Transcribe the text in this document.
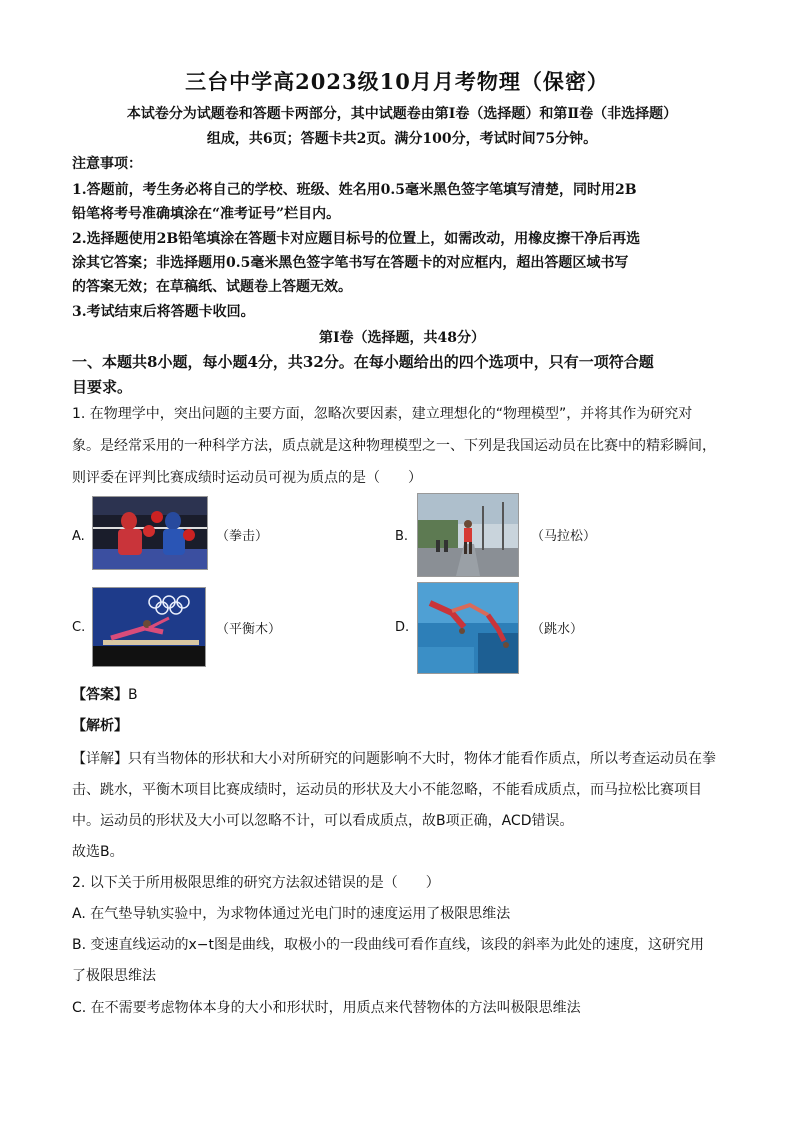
三台中学高2023级10月月考物理（保密）
本试卷分为试题卷和答题卡两部分，其中试题卷由第Ⅰ卷（选择题）和第Ⅱ卷（非选择题）
组成，共6页；答题卡共2页。满分100分，考试时间75分钟。
注意事项：
1.答题前，考生务必将自己的学校、班级、姓名用0.5毫米黑色签字笔填写清楚，同时用2B
铅笔将考号准确填涂在“准考证号”栏目内。
2.选择题使用2B铅笔填涂在答题卡对应题目标号的位置上，如需改动，用橡皮擦干净后再选
涂其它答案；非选择题用0.5毫米黑色签字笔书写在答题卡的对应框内，超出答题区域书写
的答案无效；在草稿纸、试题卷上答题无效。
3.考试结束后将答题卡收回。
第Ⅰ卷（选择题，共48分）
一、本题共8小题，每小题4分，共32分。在每小题给出的四个选项中，只有一项符合题
目要求。
1. 在物理学中，突出问题的主要方面，忽略次要因素，建立理想化的“物理模型”，并将其作为研究对
象。是经常采用的一种科学方法，质点就是这种物理模型之一、下列是我国运动员在比赛中的精彩瞬间，
则评委在评判比赛成绩时运动员可视为质点的是（　　）
A.	（拳击）	B.	（马拉松）
C.	（平衡木）	D.	（跳水）
【答案】B
【解析】
【详解】只有当物体的形状和大小对所研究的问题影响不大时，物体才能看作质点，所以考查运动员在拳
击、跳水，平衡木项目比赛成绩时，运动员的形状及大小不能忽略，不能看成质点，而马拉松比赛项目
中。运动员的形状及大小可以忽略不计，可以看成质点，故B项正确，ACD错误。
故选B。
2. 以下关于所用极限思维的研究方法叙述错误的是（　　）
A. 在气垫导轨实验中，为求物体通过光电门时的速度运用了极限思维法
B. 变速直线运动的x−t图是曲线，取极小的一段曲线可看作直线，该段的斜率为此处的速度，这研究用
了极限思维法
C. 在不需要考虑物体本身的大小和形状时，用质点来代替物体的方法叫极限思维法
